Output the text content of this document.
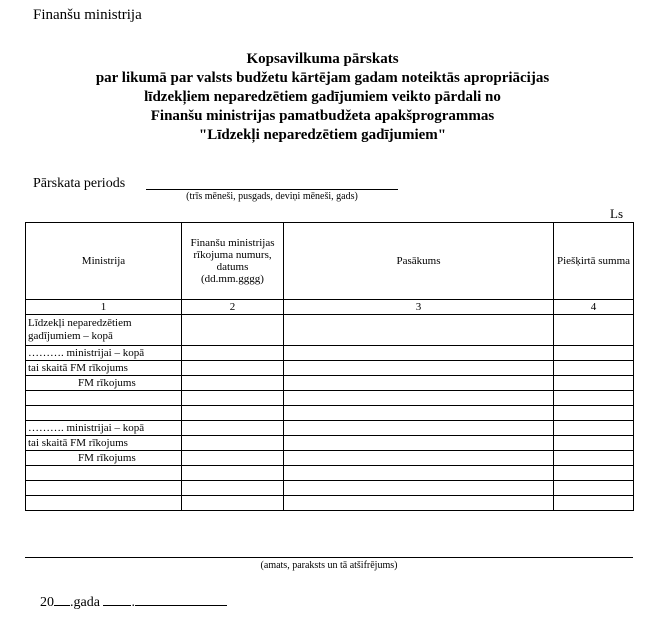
Finanšu ministrija
Kopsavilkuma pārskats
par likumā par valsts budžetu kārtējam gadam noteiktās apropriācijas
līdzekļiem neparedzētiem gadījumiem veikto pārdali no
Finanšu ministrijas pamatbudžeta apakšprogrammas
"Līdzekļi neparedzētiem gadījumiem"
Pārskata periods
(trīs mēneši, pusgads, deviņi mēneši, gads)
Ls
Ministrija	Finanšu ministrijas rīkojuma numurs, datums (dd.mm.gggg)	Pasākums	Piešķirtā summa
1	2	3	4
Līdzekļi neparedzētiem gadījumiem – kopā			
………. ministrijai – kopā			
tai skaitā FM rīkojums			
FM rīkojums			

………. ministrijai – kopā			
tai skaitā FM rīkojums			
FM rīkojums			

(amats, paraksts un tā atšifrējums)
20 .gada .
